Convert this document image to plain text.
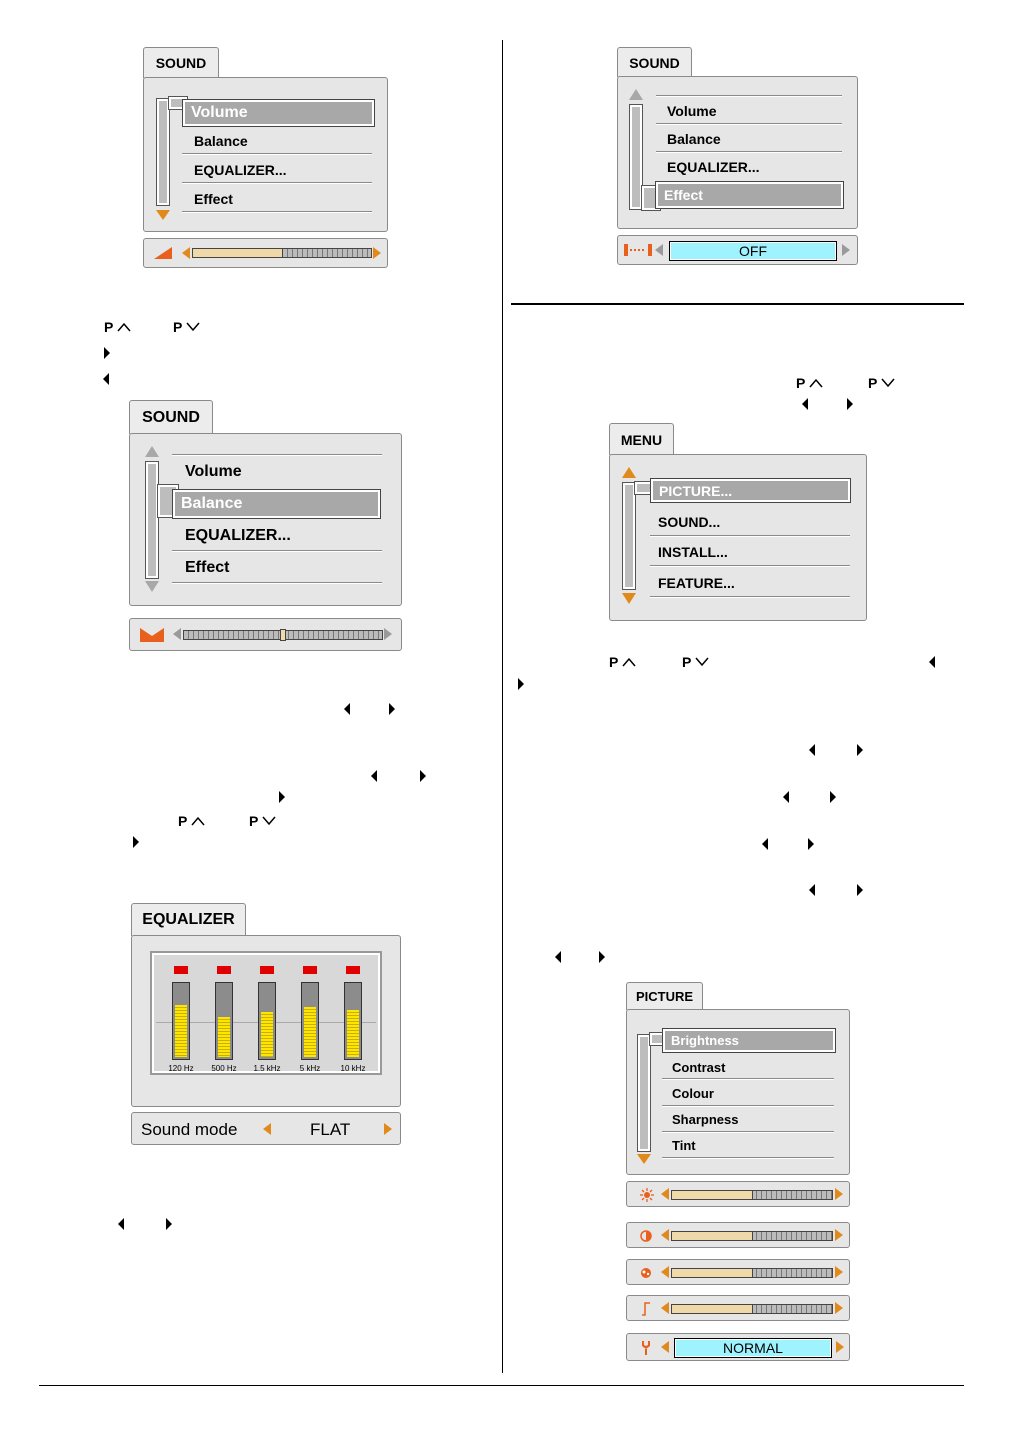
SOUND
Volume
Balance
EQUALIZER...
Effect
P	P
SOUND
Volume
Balance
EQUALIZER...
Effect
P	P
EQUALIZER
120 Hz	500 Hz	1.5 kHz	5 kHz	10 kHz
Sound mode	FLAT
SOUND
Volume
Balance
EQUALIZER...
Effect
OFF
P	P
MENU
PICTURE...
SOUND...
INSTALL...
FEATURE...
P	P
PICTURE
Brightness
Contrast
Colour
Sharpness
Tint
NORMAL
